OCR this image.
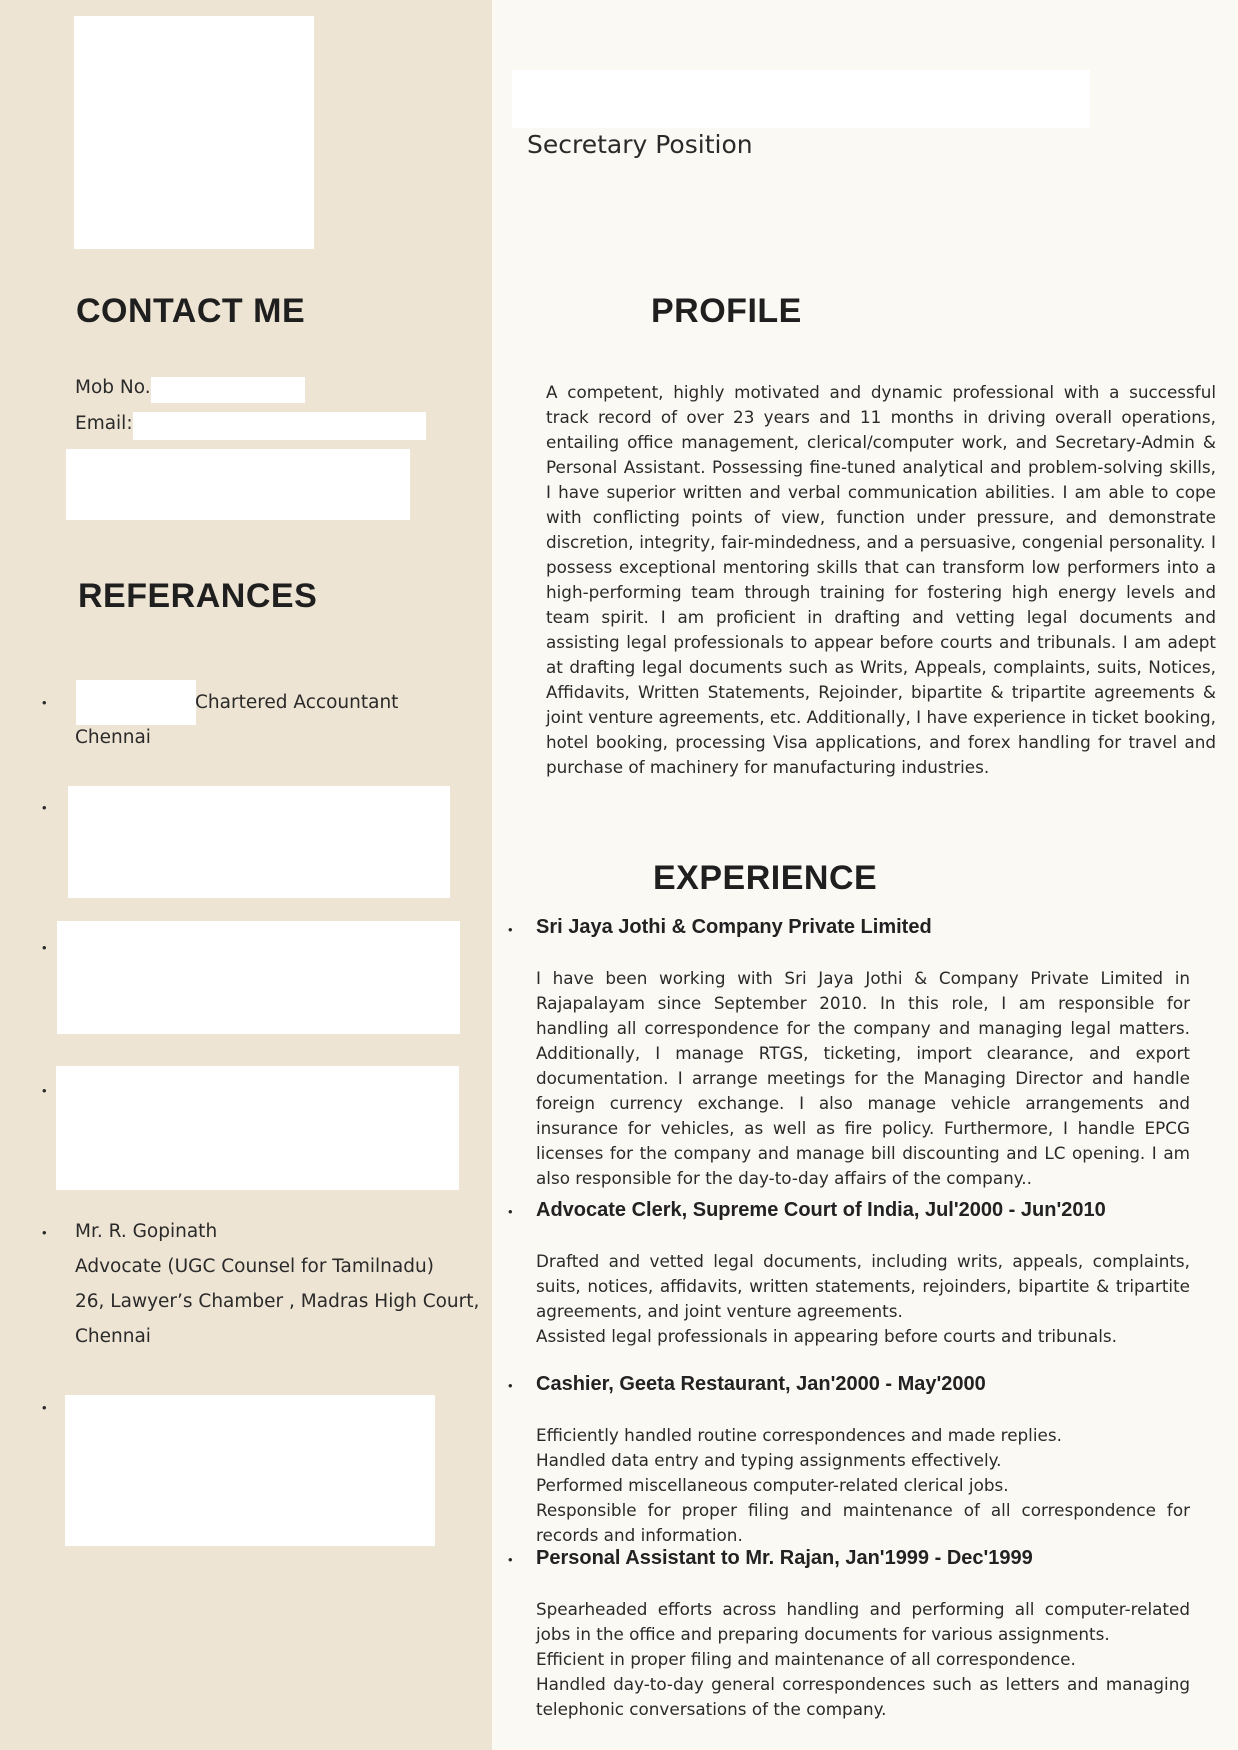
CONTACT ME
Mob No.
Email:
REFERANCES
•	Chartered Accountant
Chennai
•
•
•
• Mr. R. Gopinath
Advocate (UGC Counsel for Tamilnadu)
26, Lawyer’s Chamber , Madras High Court,
Chennai
•
Secretary Position
PROFILE
A competent, highly motivated and dynamic professional with a successful track record of over 23 years and 11 months in driving overall operations, entailing office management, clerical/computer work, and Secretary-Admin & Personal Assistant. Possessing fine-tuned analytical and problem-solving skills, I have superior written and verbal communication abilities. I am able to cope with conflicting points of view, function under pressure, and demonstrate discretion, integrity, fair-mindedness, and a persuasive, congenial personality. I possess exceptional mentoring skills that can transform low performers into a high-performing team through training for fostering high energy levels and team spirit. I am proficient in drafting and vetting legal documents and assisting legal professionals to appear before courts and tribunals. I am adept at drafting legal documents such as Writs, Appeals, complaints, suits, Notices, Affidavits, Written Statements, Rejoinder, bipartite & tripartite agreements & joint venture agreements, etc. Additionally, I have experience in ticket booking, hotel booking, processing Visa applications, and forex handling for travel and purchase of machinery for manufacturing industries.
EXPERIENCE
• Sri Jaya Jothi & Company Private Limited
I have been working with Sri Jaya Jothi & Company Private Limited in Rajapalayam since September 2010. In this role, I am responsible for handling all correspondence for the company and managing legal matters. Additionally, I manage RTGS, ticketing, import clearance, and export documentation. I arrange meetings for the Managing Director and handle foreign currency exchange. I also manage vehicle arrangements and insurance for vehicles, as well as fire policy. Furthermore, I handle EPCG licenses for the company and manage bill discounting and LC opening. I am also responsible for the day-to-day affairs of the company..
• Advocate Clerk, Supreme Court of India, Jul'2000 - Jun'2010
Drafted and vetted legal documents, including writs, appeals, complaints, suits, notices, affidavits, written statements, rejoinders, bipartite & tripartite agreements, and joint venture agreements.
Assisted legal professionals in appearing before courts and tribunals.
• Cashier, Geeta Restaurant, Jan'2000 - May'2000
Efficiently handled routine correspondences and made replies.
Handled data entry and typing assignments effectively.
Performed miscellaneous computer-related clerical jobs.
Responsible for proper filing and maintenance of all correspondence for records and information.
• Personal Assistant to Mr. Rajan, Jan'1999 - Dec'1999
Spearheaded efforts across handling and performing all computer-related jobs in the office and preparing documents for various assignments.
Efficient in proper filing and maintenance of all correspondence.
Handled day-to-day general correspondences such as letters and managing telephonic conversations of the company.
